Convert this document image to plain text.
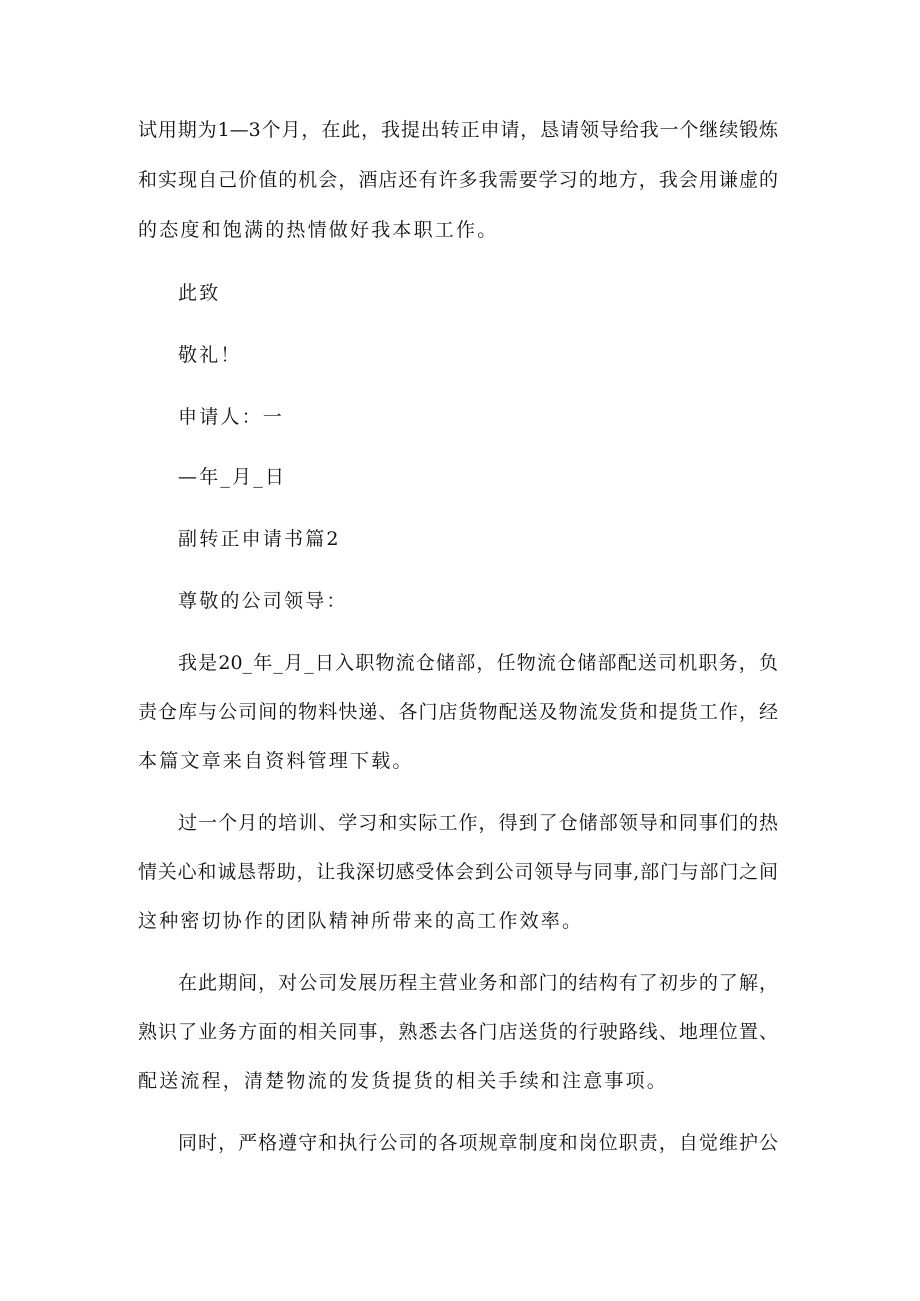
试用期为1—3个月，在此，我提出转正申请，恳请领导给我一个继续锻炼
和实现自己价值的机会，酒店还有许多我需要学习的地方，我会用谦虚的
的态度和饱满的热情做好我本职工作。
此致
敬礼！
申请人：一
—年_月_日
副转正申请书篇2
尊敬的公司领导：
我是20_年_月_日入职物流仓储部，任物流仓储部配送司机职务，负
责仓库与公司间的物料快递、各门店货物配送及物流发货和提货工作，经
本篇文章来自资料管理下载。
过一个月的培训、学习和实际工作，得到了仓储部领导和同事们的热
情关心和诚恳帮助，让我深切感受体会到公司领导与同事,部门与部门之间
这种密切协作的团队精神所带来的高工作效率。
在此期间，对公司发展历程主营业务和部门的结构有了初步的了解，
熟识了业务方面的相关同事，熟悉去各门店送货的行驶路线、地理位置、
配送流程，清楚物流的发货提货的相关手续和注意事项。
同时，严格遵守和执行公司的各项规章制度和岗位职责，自觉维护公
